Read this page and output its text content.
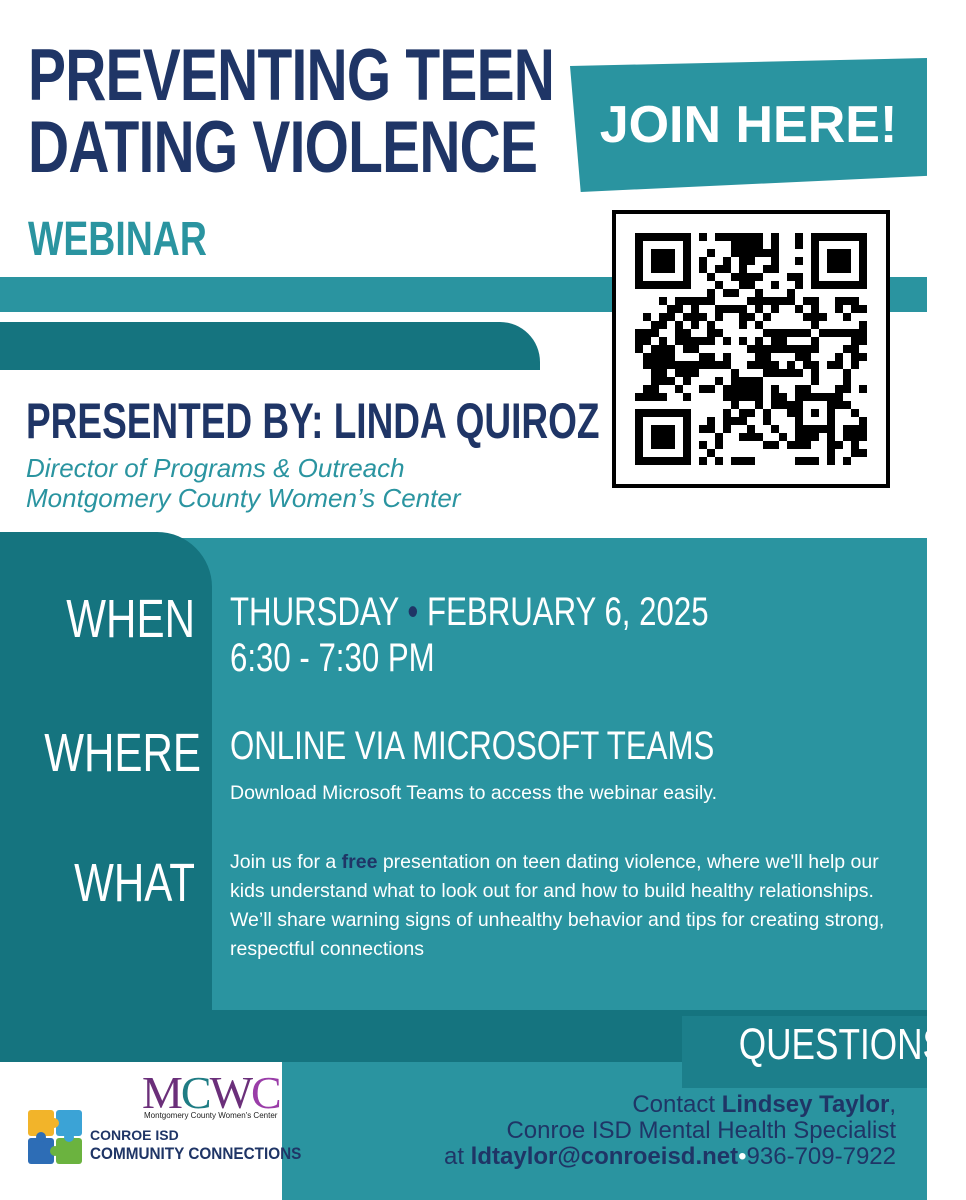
PREVENTING TEEN
DATING VIOLENCE
WEBINAR
JOIN HERE!
PRESENTED BY: LINDA QUIROZ
Director of Programs & Outreach
Montgomery County Women’s Center
WHEN THURSDAY • FEBRUARY 6, 2025
6:30 - 7:30 PM
WHERE ONLINE VIA MICROSOFT TEAMS
Download Microsoft Teams to access the webinar easily.
WHAT Join us for a free presentation on teen dating violence, where we'll help our kids understand what to look out for and how to build healthy relationships. We’ll share warning signs of unhealthy behavior and tips for creating strong, respectful connections
QUESTIONS?
Contact Lindsey Taylor,
Conroe ISD Mental Health Specialist
at ldtaylor@conroeisd.net•936-709-7922
MCWC
Montgomery County Women's Center
CONROE ISD
COMMUNITY CONNECTIONS
